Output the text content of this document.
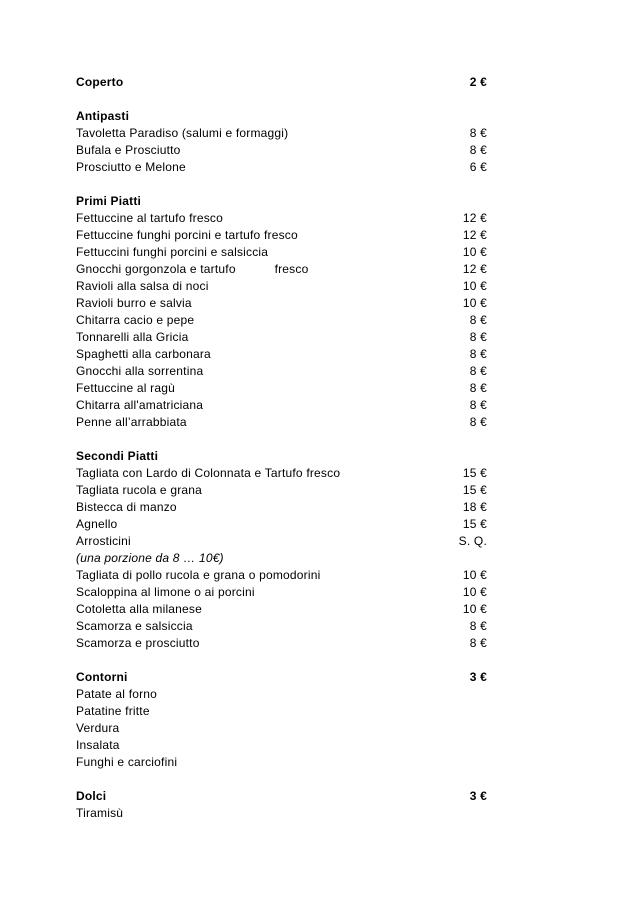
Coperto	2 €
Antipasti
Tavoletta Paradiso (salumi e formaggi)	8 €
Bufala e Prosciutto	8 €
Prosciutto e Melone	6 €
Primi Piatti
Fettuccine al tartufo fresco	12 €
Fettuccine funghi porcini e tartufo fresco	12 €
Fettuccini funghi porcini e salsiccia	10 €
Gnocchi gorgonzola e tartufo           fresco	12 €
Ravioli alla salsa di noci	10 €
Ravioli burro e salvia	10 €
Chitarra cacio e pepe	8 €
Tonnarelli alla Gricia	8 €
Spaghetti alla carbonara	8 €
Gnocchi alla sorrentina	8 €
Fettuccine al ragù	8 €
Chitarra all'amatriciana	8 €
Penne all’arrabbiata	8 €
Secondi Piatti
Tagliata con Lardo di Colonnata e Tartufo fresco	15 €
Tagliata rucola e grana	15 €
Bistecca di manzo	18 €
Agnello	15 €
Arrosticini	S. Q.
(una porzione da 8 … 10€)
Tagliata di pollo rucola e grana o pomodorini	10 €
Scaloppina al limone o ai porcini	10 €
Cotoletta alla milanese	10 €
Scamorza e salsiccia	8 €
Scamorza e prosciutto	8 €
Contorni	3 €
Patate al forno
Patatine fritte
Verdura
Insalata
Funghi e carciofini
Dolci	3 €
Tiramisù
